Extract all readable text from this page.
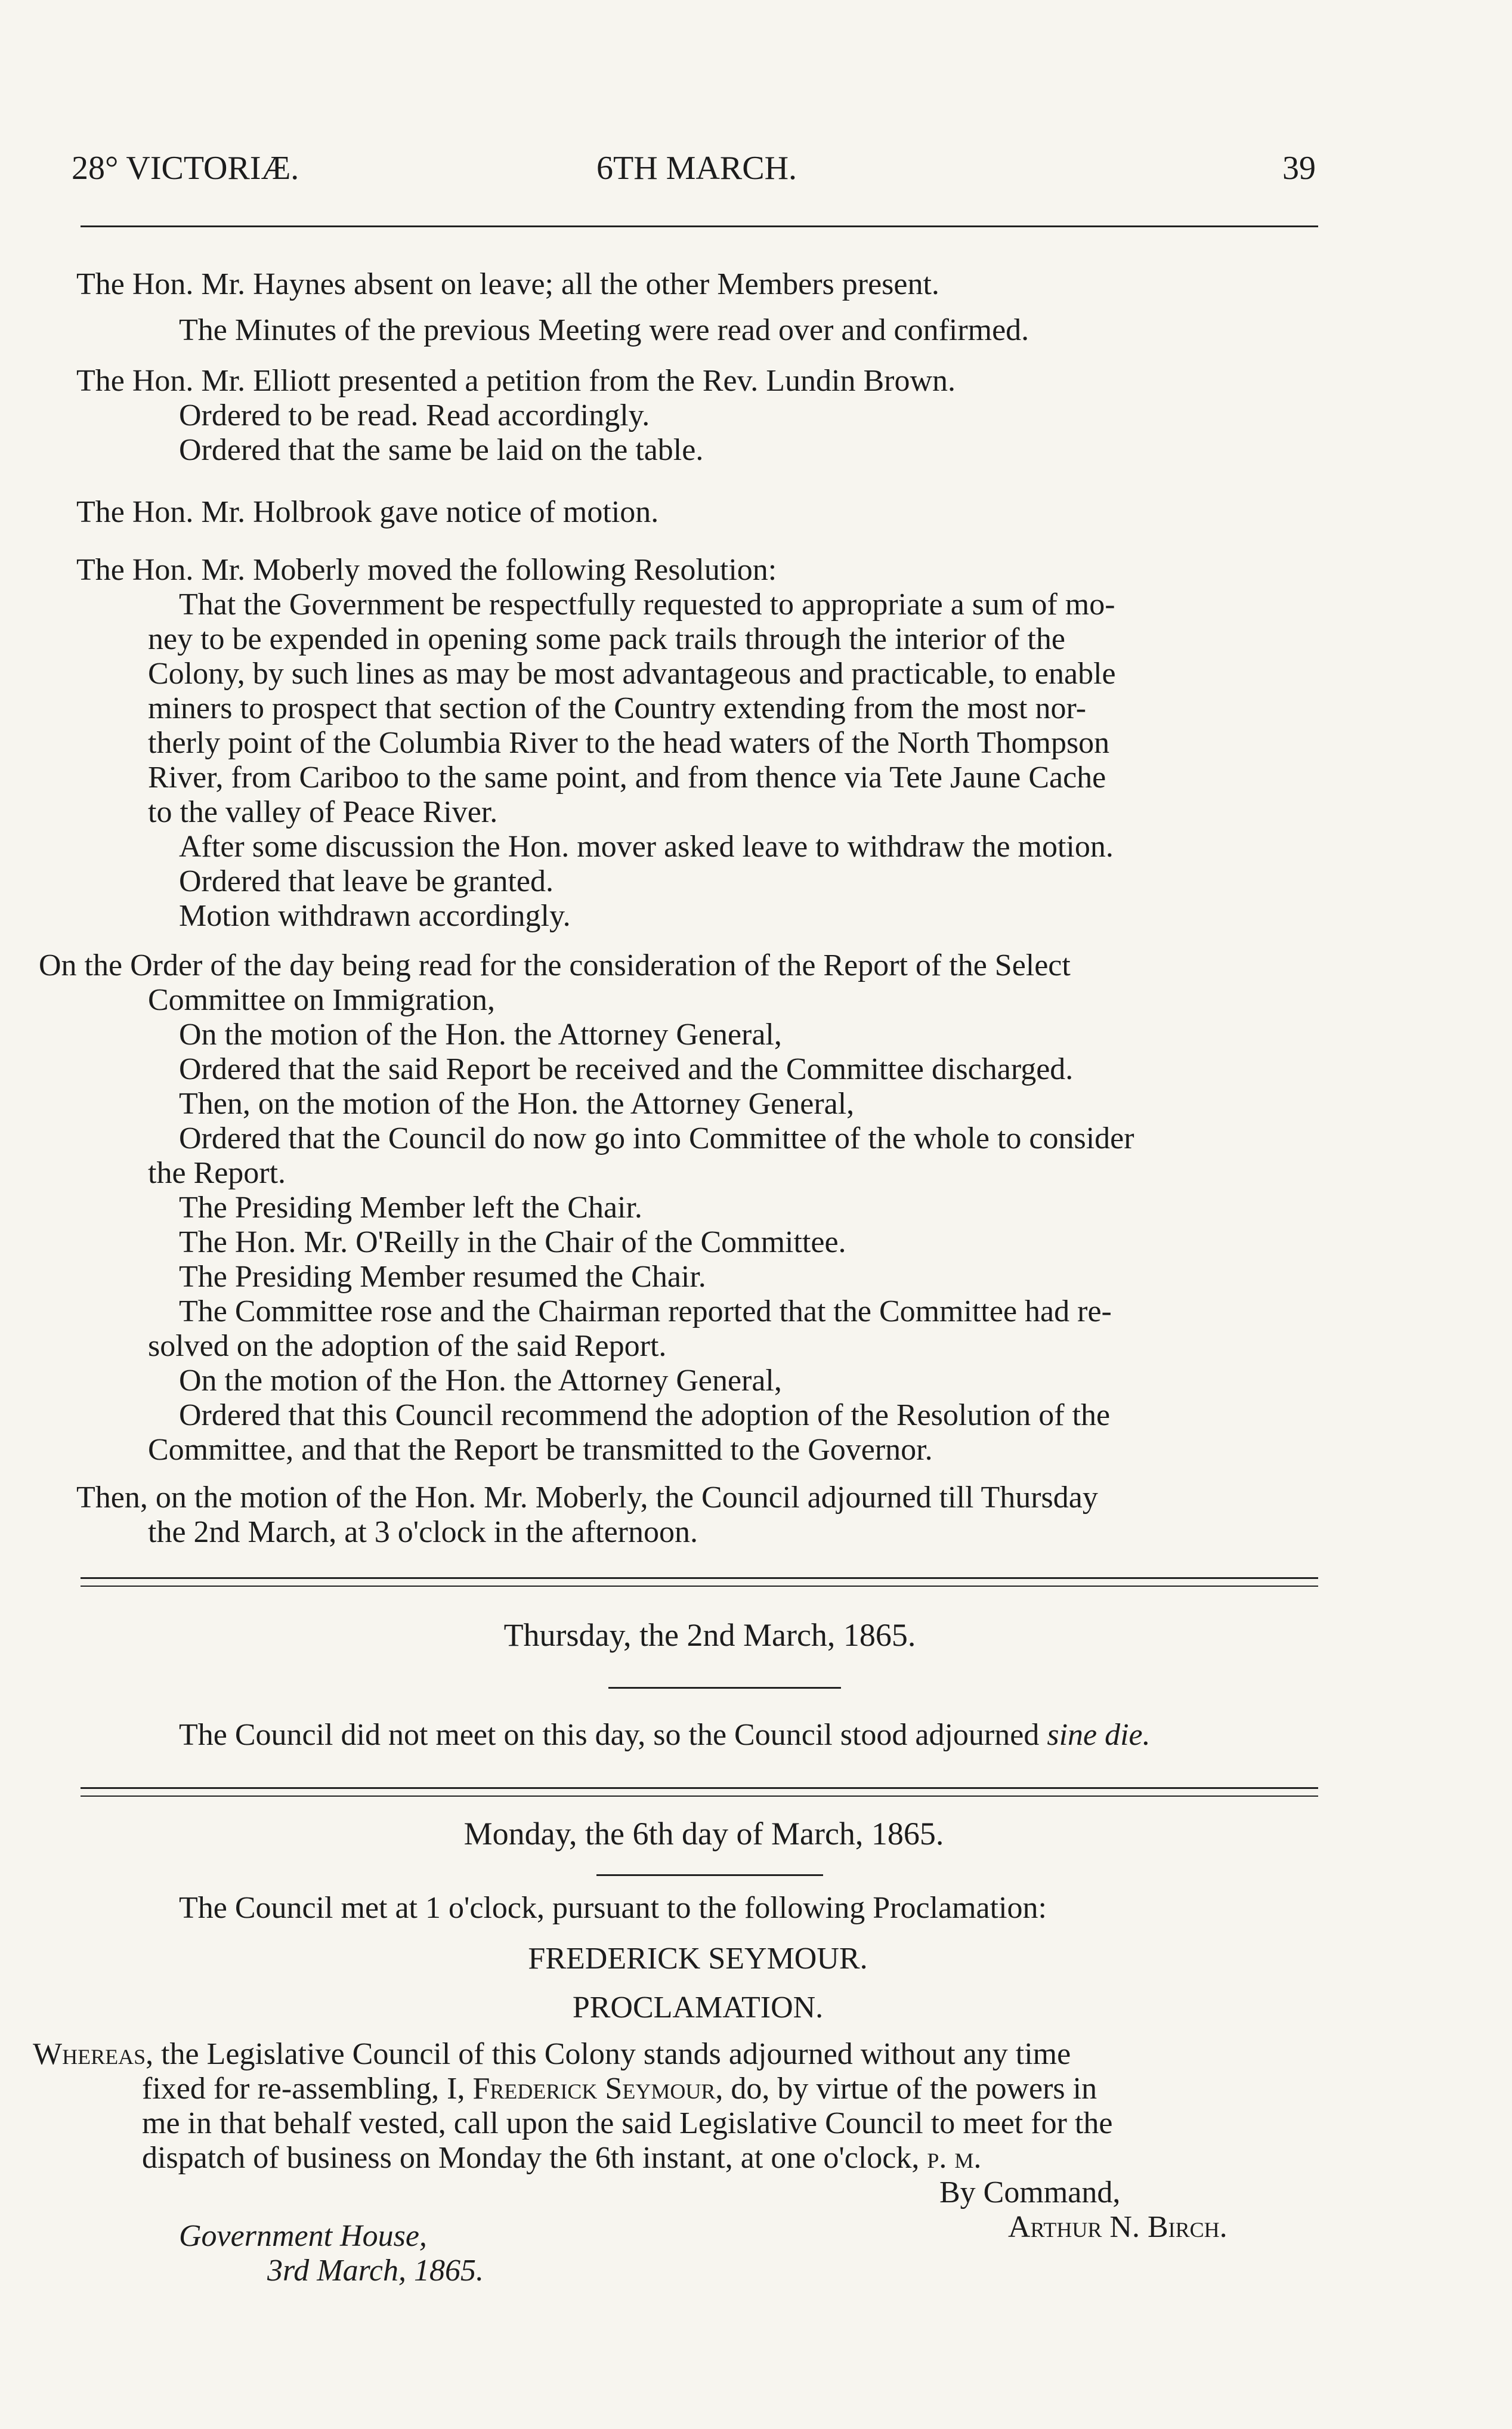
28° VICTORIÆ.	6TH MARCH.	39
The Hon. Mr. Haynes absent on leave; all the other Members present.
The Minutes of the previous Meeting were read over and confirmed.
The Hon. Mr. Elliott presented a petition from the Rev. Lundin Brown.
Ordered to be read. Read accordingly.
Ordered that the same be laid on the table.
The Hon. Mr. Holbrook gave notice of motion.
The Hon. Mr. Moberly moved the following Resolution:
That the Government be respectfully requested to appropriate a sum of mo-
ney to be expended in opening some pack trails through the interior of the
Colony, by such lines as may be most advantageous and practicable, to enable
miners to prospect that section of the Country extending from the most nor-
therly point of the Columbia River to the head waters of the North Thompson
River, from Cariboo to the same point, and from thence via Tete Jaune Cache
to the valley of Peace River.
After some discussion the Hon. mover asked leave to withdraw the motion.
Ordered that leave be granted.
Motion withdrawn accordingly.
On the Order of the day being read for the consideration of the Report of the Select
Committee on Immigration,
On the motion of the Hon. the Attorney General,
Ordered that the said Report be received and the Committee discharged.
Then, on the motion of the Hon. the Attorney General,
Ordered that the Council do now go into Committee of the whole to consider
the Report.
The Presiding Member left the Chair.
The Hon. Mr. O'Reilly in the Chair of the Committee.
The Presiding Member resumed the Chair.
The Committee rose and the Chairman reported that the Committee had re-
solved on the adoption of the said Report.
On the motion of the Hon. the Attorney General,
Ordered that this Council recommend the adoption of the Resolution of the
Committee, and that the Report be transmitted to the Governor.
Then, on the motion of the Hon. Mr. Moberly, the Council adjourned till Thursday
the 2nd March, at 3 o'clock in the afternoon.
Thursday, the 2nd March, 1865.
The Council did not meet on this day, so the Council stood adjourned sine die.
Monday, the 6th day of March, 1865.
The Council met at 1 o'clock, pursuant to the following Proclamation:
FREDERICK SEYMOUR.
PROCLAMATION.
Whereas, the Legislative Council of this Colony stands adjourned without any time
fixed for re-assembling, I, Frederick Seymour, do, by virtue of the powers in
me in that behalf vested, call upon the said Legislative Council to meet for the
dispatch of business on Monday the 6th instant, at one o'clock, p. m.
By Command,
Arthur N. Birch.
Government House,
3rd March, 1865.
